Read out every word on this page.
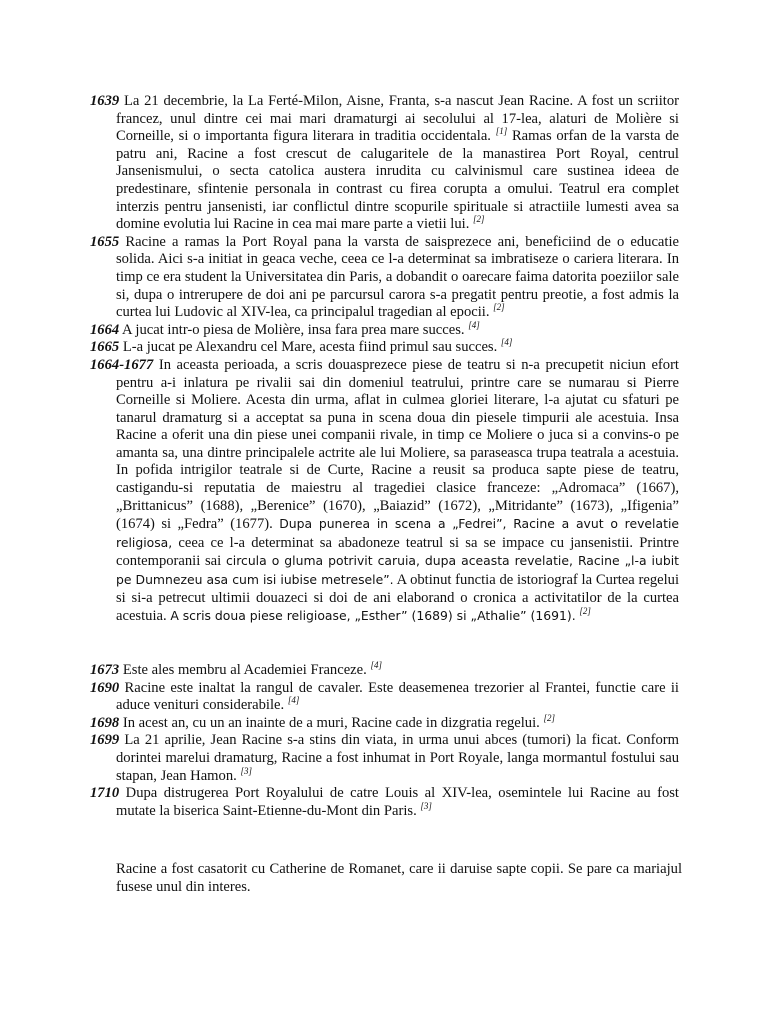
1639 La 21 decembrie, la La Ferté-Milon, Aisne, Franta, s-a nascut Jean Racine. A fost un scriitor francez, unul dintre cei mai mari dramaturgi ai secolului al 17-lea, alaturi de Molière si Corneille, si o importanta figura literara in traditia occidentala. [1] Ramas orfan de la varsta de patru ani, Racine a fost crescut de calugaritele de la manastirea Port Royal, centrul Jansenismului, o secta catolica austera inrudita cu calvinismul care sustinea ideea de predestinare, sfintenie personala in contrast cu firea corupta a omului. Teatrul era complet interzis pentru jansenisti, iar conflictul dintre scopurile spirituale si atractiile lumesti avea sa domine evolutia lui Racine in cea mai mare parte a vietii lui. [2]

1655 Racine a ramas la Port Royal pana la varsta de saisprezece ani, beneficiind de o educatie solida. Aici s-a initiat in geaca veche, ceea ce l-a determinat sa imbratiseze o cariera literara. In timp ce era student la Universitatea din Paris, a dobandit o oarecare faima datorita poeziilor sale si, dupa o intrerupere de doi ani pe parcursul carora s-a pregatit pentru preotie, a fost admis la curtea lui Ludovic al XIV-lea, ca principalul tragedian al epocii. [2]

1664 A jucat intr-o piesa de Molière, insa fara prea mare succes. [4]

1665 L-a jucat pe Alexandru cel Mare, acesta fiind primul sau succes. [4]

1664-1677 In aceasta perioada, a scris douasprezece piese de teatru si n-a precupetit niciun efort pentru a-i inlatura pe rivalii sai din domeniul teatrului, printre care se numarau si Pierre Corneille si Moliere. Acesta din urma, aflat in culmea gloriei literare, l-a ajutat cu sfaturi pe tanarul dramaturg si a acceptat sa puna in scena doua din piesele timpurii ale acestuia. Insa Racine a oferit una din piese unei companii rivale, in timp ce Moliere o juca si a convins-o pe amanta sa, una dintre principalele actrite ale lui Moliere, sa paraseasca trupa teatrala a acestuia. In pofida intrigilor teatrale si de Curte, Racine a reusit sa produca sapte piese de teatru, castigandu-si reputatia de maiestru al tragediei clasice franceze: „Adromaca” (1667), „Brittanicus” (1688), „Berenice” (1670), „Baiazid” (1672), „Mitridante” (1673), „Ifigenia” (1674) si „Fedra” (1677). Dupa punerea in scena a „Fedrei”, Racine a avut o revelatie religiosa, ceea ce l-a determinat sa abadoneze teatrul si sa se impace cu jansenistii. Printre contemporanii sai circula o gluma potrivit caruia, dupa aceasta revelatie, Racine „l-a iubit pe Dumnezeu asa cum isi iubise metresele”. A obtinut functia de istoriograf la Curtea regelui si si-a petrecut ultimii douazeci si doi de ani elaborand o cronica a activitatilor de la curtea acestuia. A scris doua piese religioase, „Esther” (1689) si „Athalie” (1691). [2]

1673 Este ales membru al Academiei Franceze. [4]

1690 Racine este inaltat la rangul de cavaler. Este deasemenea trezorier al Frantei, functie care ii aduce venituri considerabile. [4]

1698 In acest an, cu un an inainte de a muri, Racine cade in dizgratia regelui. [2]

1699 La 21 aprilie, Jean Racine s-a stins din viata, in urma unui abces (tumori) la ficat. Conform dorintei marelui dramaturg, Racine a fost inhumat in Port Royale, langa mormantul fostului sau stapan, Jean Hamon. [3]

1710 Dupa distrugerea Port Royalului de catre Louis al XIV-lea, osemintele lui Racine au fost mutate la biserica Saint-Etienne-du-Mont din Paris. [3]

Racine a fost casatorit cu Catherine de Romanet, care ii daruise sapte copii. Se pare ca mariajul fusese unul din interes.
